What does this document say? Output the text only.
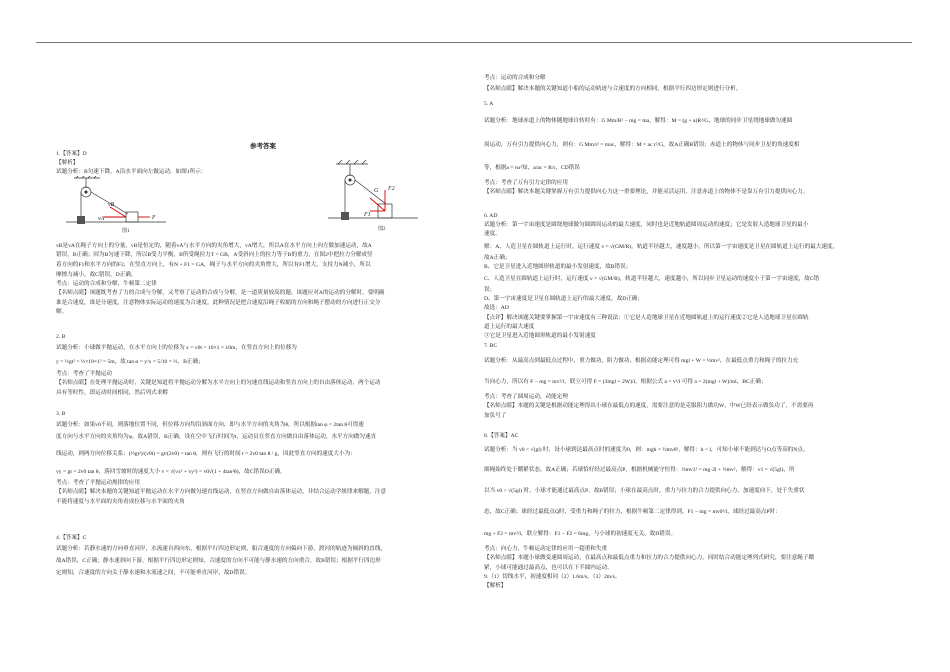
参考答案

1.【答案】D

【解析】

试题分析：B匀速下降，A沿水平面向左做运动，如图1所示：

vB
vA	F
图1
G F2
F1
图2

vB是vA在绳子方向上的分量，vB是恒定的，随着vA与水平方向的夹角增大，vA增大，所以A在水平方向上向左做加速运动，故A

错误，B正确；因为B匀速下降，所以B受力平衡，B所受绳拉力T = GB，A受斜向上的拉力等于B的重力，在图2中把拉力分解成竖

着方向的F1和水平方向的F2，在竖直方向上，有N + F1 = GA，绳子与水平方向的夹角增大，所以有F1增大，支持力N减小，所以

摩擦力减小，故C错误，D正确。

考点：运动的合成和分解，牛顿第二定律

【名师点睛】该题既考查了力的合成与分解，又考察了运动的合成与分解，是一道质量较高的题。该题应对A的运动的分解时，要明确

谁是合速度，谁是分速度，注意物体实际运动的速度为合速度。此种情况是把合速度沿绳子收缩的方向和绳子摆动的方向进行正交分

解。

2. B

试题分析：小球做平抛运动，在水平方向上的位移为 x = v0t = 10×1 = 10m，在竖直方向上的位移为

y = ½gt² = ½×10×1² = 5m，故 tan α = y/x = 5/10 = ½，B正确；

考点：考查了平抛运动

【名师点睛】在处理平抛运动时，关键是知道将平抛运动分解为水平方向上的匀速直线运动和竖直方向上的自由落体运动，两个运动

具有等时性，即运动时间相同，然后列式求解

3. B

试题分析：如果v0不同，则落地位置不同，但位移方向均沿斜面方向，即与水平方向的夹角为θ，所以根据tan φ = 2tan θ可得速

度方向与水平方向的夹角均为φ，故A错误，B正确，设在空中飞行时间为t，运动员在竖直方向做自由落体运动，水平方向做匀速直

线运动，则两方向位移关系：(½gt²)/(v0t) = gt/(2v0) = tan θ，则有飞行的时间 t = 2v0 tan θ / g，因此竖直方向的速度大小为：

vy = gt = 2v0 tan θ，落回雪坡时的速度大小 v = √(vx² + vy²) = v0√(1 + 4tan²θ)，故C错误D正确。

考点：考查了平抛运动规律的应用

【名师点睛】解决本题的关键知道平抛运动在水平方向做匀速直线运动，在竖直方向做自由落体运动，并结合运动学规律来解题，注意

不能将速度与水平面的夹角看成位移与水平面的夹角

4.【答案】C

试题分析：若静水速的方向垂直河岸，水流速自西向东，根据平行四边形定则，船合速度的方向偏向下游，渡河的轨迹为倾斜的直线，

故A错误，C正确；静水速斜向下游，根据平行四边形定则知，合速度的方向不可能与静水速的方向重合，故B错误；根据平行四边形

定则知，合速度的方向关于静水速和水流速之间，不可能垂直河岸，故D错误。

考点：运动的合成和分解

【名师点睛】解决本题的关键知道小船的运动轨迹与合速度的方向相同，根据平行四边形定则进行分析。

5. A

试题分析：地球赤道上的物体随地球自转时有：G Mm/R² − mg = ma，解得：M = (g + a)R²/G，地球的同步卫星绕地球做匀速圆

周运动，万有引力提供向心力，则有：G Mm/r² = mac，解得：M = ac r²/G，故A正确B错误；赤道上的物体与同步卫星的角速度相

等，根据a = rω²知，a/ac = R/r，CD错误

考点：考查了万有引力定律的应用

【名师点睛】解决本题关键掌握万有引力提供向心力这一重要理论，并能灵活运用，注意赤道上的物体不是靠万有引力提供向心力。

6. AD

试题分析：第一宇宙速度是圆绕地球做匀圆圆周运动的最大速度，同时也是近地轨道圆周运动的速度；它是发射人造地球卫星的最小

速度。

解：A、人造卫星在圆轨道上运行时，运行速度 v = √(GM/R)，轨道半径越大，速度越小，所以第一宇宙速度是卫星在圆轨道上运行的最大速度，

故A正确；

B、它是卫星进入近地圆形轨道的最小发射速度，故B错误；

C、人造卫星在圆轨道上运行时，运行速度 v = √(GM/R)，轨道半径越大，速度越小，所以同步卫星运动的速度小于第一宇宙速度，故C错

误；

D、第一宇宙速度是卫星在圆轨道上运行的最大速度，故D正确；

故选：AD

【点评】解决该题关键要掌握第一宇宙速度有三种说法：①它是人造地球卫星在近地圆轨道上的运行速度②它是人造地球卫星在圆轨

道上运行的最大速度

③它是卫星进入近地圆形轨道的最小发射速度

7. BC

试题分析：从最高点到最低点过程中，重力做功，阻力做功，根据动能定理可得 mgl + W = ½mv²，在最低点重力和绳子的拉力充

当向心力，所以有 F − mg = mv²/l，联立可得 F = (3mgl + 2W)/l，根据公式 a = v²/l 可得 a = 2(mgl + W)/ml，BC正确；

考点：考查了圆周运动，动能定理

【名师点睛】本题的关键是根据动能定理得出小球在最低点的速度，需要注意的是克服阻力做功W，中W已经表示做负功了，不需要再

加负号了

8.【答案】AC

试题分析：当 v0 < √(gl) 时，设小球到达最高点时的速度为0，则：mgh = ½mv0²，解得：h < l，可知小球不能到达与O点等高的N点。

细绳始终处于绷紧状态，故A正确；若球恰好经过最高点P，根据机械能守恒得：½mv1² = mg·2l + ½mv²，解得：v1 = √(5gl)，所

以当 v0 > √(5gl) 时，小球才能通过最高点P，故B错误；小球在最高点时，重力与拉力的合力提供向心力，加速度向下，处于失重状

态，故C正确；球经过最低点Q时，受重力和绳子的拉力，根据牛顿第二定律得到，F1 − mg = mv0²/l，球经过最高点P时：

mg + F2 = mv²/l，联立解得：F1 − F2 = 6mg，与小球的初速度无关，故D错误。

考点：向心力，牛顿运动定律的应用一超重和失重

【名师点睛】本题小球做变速圆周运动，在最高点和最低点重力和拉力的合力提供向心力，同时结合动能定理列式研究，要注意绳子绷

紧，小球可能通过最高点，也可以在下半圆内运动。

9.（1）切线水平，初速度相同（2）1.6m/s，（3）2m/s。

【解析】
